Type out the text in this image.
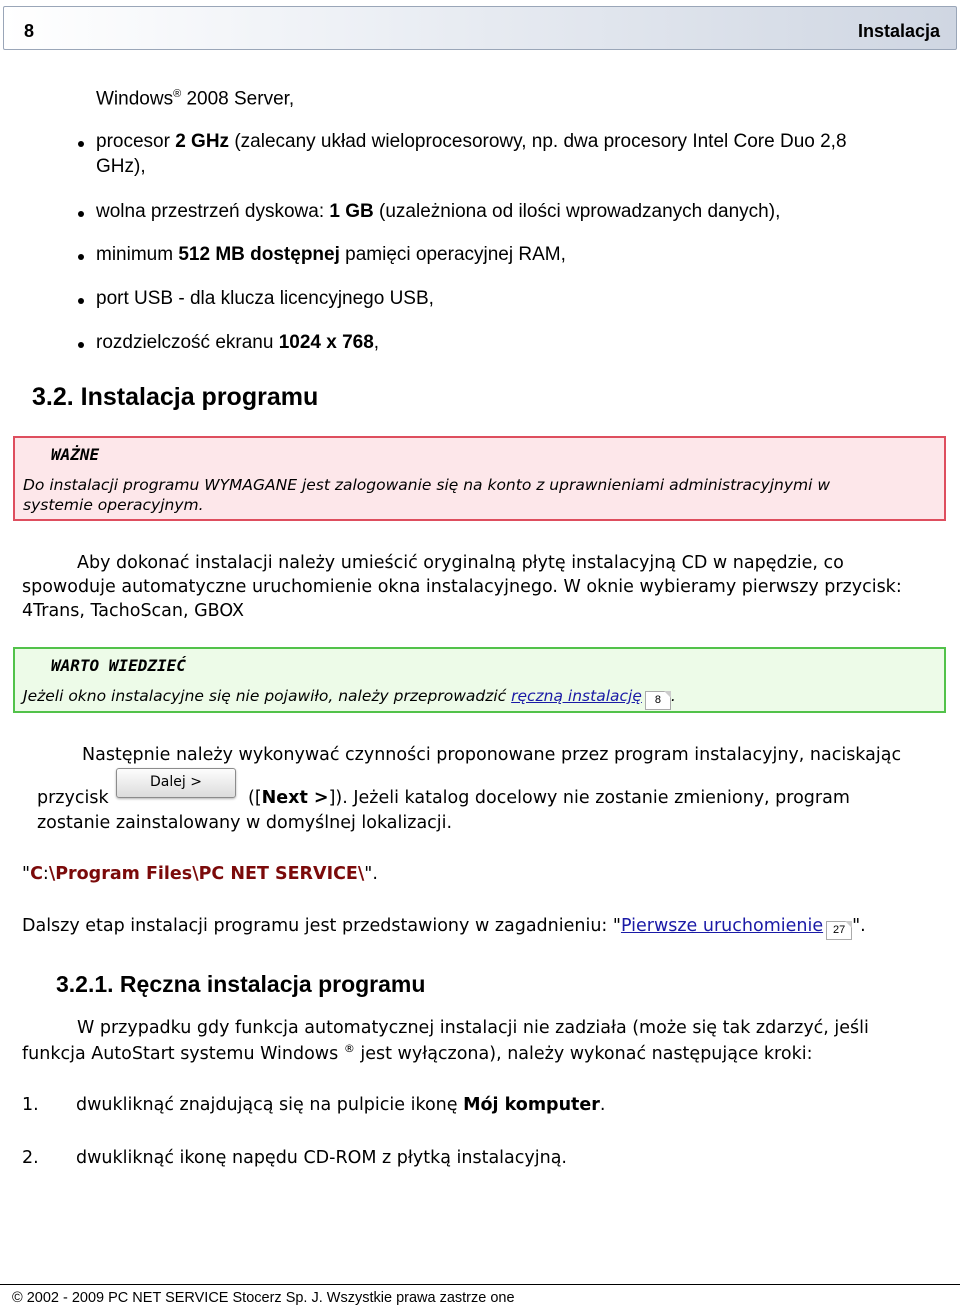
8	Instalacja
Windows® 2008 Server,
procesor 2 GHz (zalecany układ wieloprocesorowy, np. dwa procesory Intel Core Duo 2,8
GHz),
wolna przestrzeń dyskowa: 1 GB (uzależniona od ilości wprowadzanych danych),
minimum 512 MB dostępnej pamięci operacyjnej RAM,
port USB - dla klucza licencyjnego USB,
rozdzielczość ekranu 1024 x 768,
3.2. Instalacja programu
WAŻNE
Do instalacji programu WYMAGANE jest zalogowanie się na konto z uprawnieniami administracyjnymi w
systemie operacyjnym.
Aby dokonać instalacji należy umieścić oryginalną płytę instalacyjną CD w napędzie, co
spowoduje automatyczne uruchomienie okna instalacyjnego. W oknie wybieramy pierwszy przycisk:
4Trans, TachoScan, GBOX
WARTO WIEDZIEĆ
Jeżeli okno instalacyjne się nie pojawiło, należy przeprowadzić ręczną instalację 8 .
Następnie należy wykonywać czynności proponowane przez program instalacyjny, naciskając
przycisk
Dalej >
([Next >]). Jeżeli katalog docelowy nie zostanie zmieniony, program
zostanie zainstalowany w domyślnej lokalizacji.
"C:\Program Files\PC NET SERVICE\".
Dalszy etap instalacji programu jest przedstawiony w zagadnieniu: "Pierwsze uruchomienie 27 ".
3.2.1. Ręczna instalacja programu
W przypadku gdy funkcja automatycznej instalacji nie zadziała (może się tak zdarzyć, jeśli
funkcja AutoStart systemu Windows ® jest wyłączona), należy wykonać następujące kroki:
1. dwukliknąć znajdującą się na pulpicie ikonę Mój komputer.
2. dwukliknąć ikonę napędu CD-ROM z płytką instalacyjną.
© 2002 - 2009 PC NET SERVICE Stocerz Sp. J. Wszystkie prawa zastrze one
